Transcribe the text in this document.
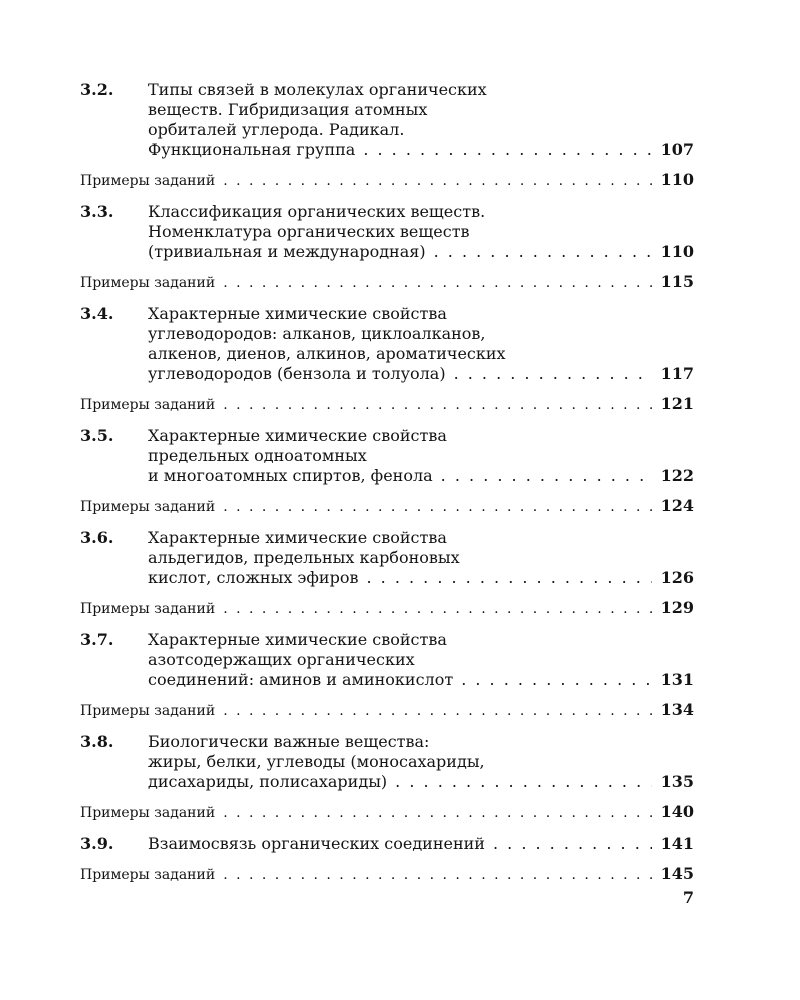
3.2.	Типы связей в молекулах органических
веществ. Гибридизация атомных
орбиталей углерода. Радикал.
Функциональная группа . . .	107
Примеры заданий . . .	110
3.3.	Классификация органических веществ.
Номенклатура органических веществ
(тривиальная и международная) . . .	110
Примеры заданий . . .	115
3.4.	Характерные химические свойства
углеводородов: алканов, циклоалканов,
алкенов, диенов, алкинов, ароматических
углеводородов (бензола и толуола) . . .	117
Примеры заданий . . .	121
3.5.	Характерные химические свойства
предельных одноатомных
и многоатомных спиртов, фенола . . .	122
Примеры заданий . . .	124
3.6.	Характерные химические свойства
альдегидов, предельных карбоновых
кислот, сложных эфиров . . .	126
Примеры заданий . . .	129
3.7.	Характерные химические свойства
азотсодержащих органических
соединений: аминов и аминокислот . . .	131
Примеры заданий . . .	134
3.8.	Биологически важные вещества:
жиры, белки, углеводы (моносахариды,
дисахариды, полисахариды) . . .	135
Примеры заданий . . .	140
3.9.	Взаимосвязь органических соединений . . .	141
Примеры заданий . . .	145
7
